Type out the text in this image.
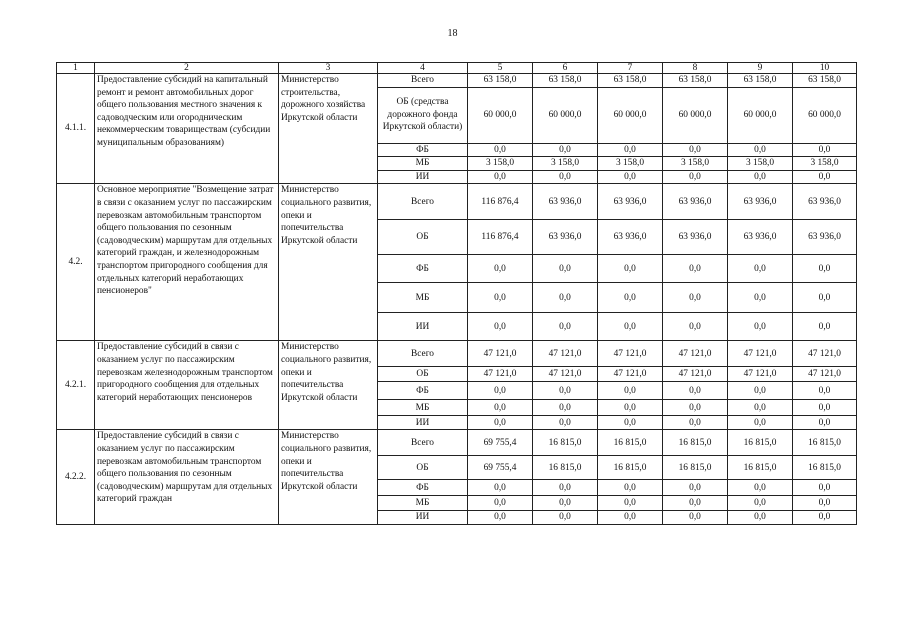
18
1	2	3	4	5	6	7	8	9	10
4.1.1.	Предоставление субсидий на капитальный ремонт и ремонт автомобильных дорог общего пользования местного значения к садоводческим или огородническим некоммерческим товариществам (субсидии муниципальным образованиям)	Министерство строительства, дорожного хозяйства Иркутской области	Всего	63 158,0	63 158,0	63 158,0	63 158,0	63 158,0	63 158,0
			ОБ (средства дорожного фонда Иркутской области)	60 000,0	60 000,0	60 000,0	60 000,0	60 000,0	60 000,0
			ФБ	0,0	0,0	0,0	0,0	0,0	0,0
			МБ	3 158,0	3 158,0	3 158,0	3 158,0	3 158,0	3 158,0
			ИИ	0,0	0,0	0,0	0,0	0,0	0,0
4.2.	Основное мероприятие "Возмещение затрат в связи с оказанием услуг по пассажирским перевозкам автомобильным транспортом общего пользования по сезонным (садоводческим) маршрутам для отдельных категорий граждан, и железнодорожным транспортом пригородного сообщения для отдельных категорий неработающих пенсионеров"	Министерство социального развития, опеки и попечительства Иркутской области	Всего	116 876,4	63 936,0	63 936,0	63 936,0	63 936,0	63 936,0
			ОБ	116 876,4	63 936,0	63 936,0	63 936,0	63 936,0	63 936,0
			ФБ	0,0	0,0	0,0	0,0	0,0	0,0
			МБ	0,0	0,0	0,0	0,0	0,0	0,0
			ИИ	0,0	0,0	0,0	0,0	0,0	0,0
4.2.1.	Предоставление субсидий в связи с оказанием услуг по пассажирским перевозкам железнодорожным транспортом пригородного сообщения для отдельных категорий неработающих пенсионеров	Министерство социального развития, опеки и попечительства Иркутской области	Всего	47 121,0	47 121,0	47 121,0	47 121,0	47 121,0	47 121,0
			ОБ	47 121,0	47 121,0	47 121,0	47 121,0	47 121,0	47 121,0
			ФБ	0,0	0,0	0,0	0,0	0,0	0,0
			МБ	0,0	0,0	0,0	0,0	0,0	0,0
			ИИ	0,0	0,0	0,0	0,0	0,0	0,0
4.2.2.	Предоставление субсидий в связи с оказанием услуг по пассажирским перевозкам автомобильным транспортом общего пользования по сезонным (садоводческим) маршрутам для отдельных категорий граждан	Министерство социального развития, опеки и попечительства Иркутской области	Всего	69 755,4	16 815,0	16 815,0	16 815,0	16 815,0	16 815,0
			ОБ	69 755,4	16 815,0	16 815,0	16 815,0	16 815,0	16 815,0
			ФБ	0,0	0,0	0,0	0,0	0,0	0,0
			МБ	0,0	0,0	0,0	0,0	0,0	0,0
			ИИ	0,0	0,0	0,0	0,0	0,0	0,0
